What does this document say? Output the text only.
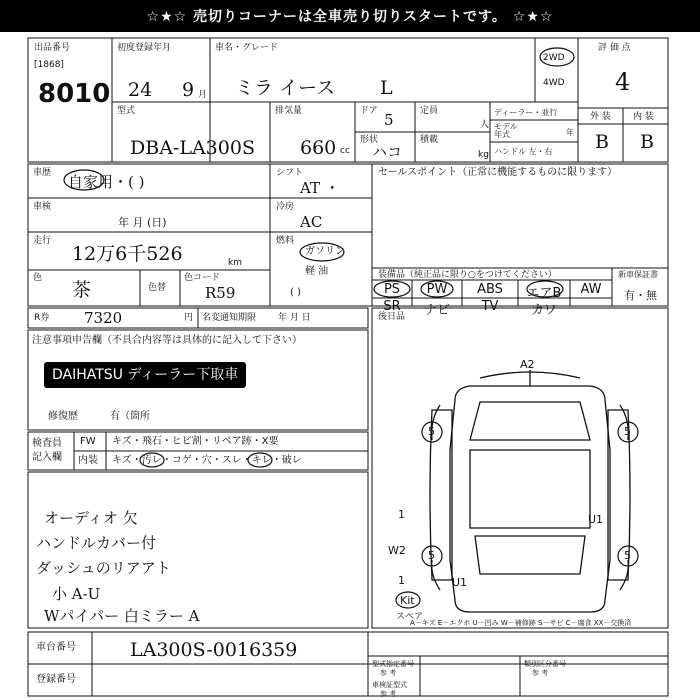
☆★☆ 売切りコーナーは全車売り切りスタートです。 ☆★☆
出品番号
[1868]
8010
初度登録年月
24 9 月
車名・グレード
ミラ イース L
2WD
4WD
評 価 点
4
型式
DBA-LA300S
排気量
660 cc
ドア 5
形状
ハコ
定員
人
積載
kg
ディーラー・並行
モデル
年式	年
ハンドル 左・右
外 装 内 装
B B
車歴 自家用・( )
車検
年 月 (日)
走行
12万6千526	km
色
茶	色替
色コード
R59
シフト
AT ・
冷房
AC
燃料
ガソリン
軽 油
( )
セールスポイント（正常に機能するものに限ります）
装備品（純正品に限り○をつけてください）	新車保証書
有・無
PS	PW	ABS	エアB	AW
SR	ナビ	TV	カワ
R券 7320	円 名変通知期限 年 月 日	後日品
注意事項申告欄（不具合内容等は具体的に記入して下さい）
DAIHATSU ディーラー下取車
修復歴	有（箇所
検査員
記入欄
FW キズ・飛石・ヒビ割・リペア跡・X要
内装 キズ・汚レ・コゲ・穴・スレ・キレ・破レ
オーディオ 欠
ハンドルカバー付
ダッシュのリアアト
小 A-U
Wパイパー 白ミラー A
A2
5	5
5	5
1
W2
1
U1
U1
Kit
スペア
A－キズ E－エクボ U－凹み W－補修跡 S－サビ C－腐食 XX－交換済
車台番号	LA300S-0016359
登録番号
型式指定番号
参 考
類別区分番号
参 考
車検証型式
参 考
